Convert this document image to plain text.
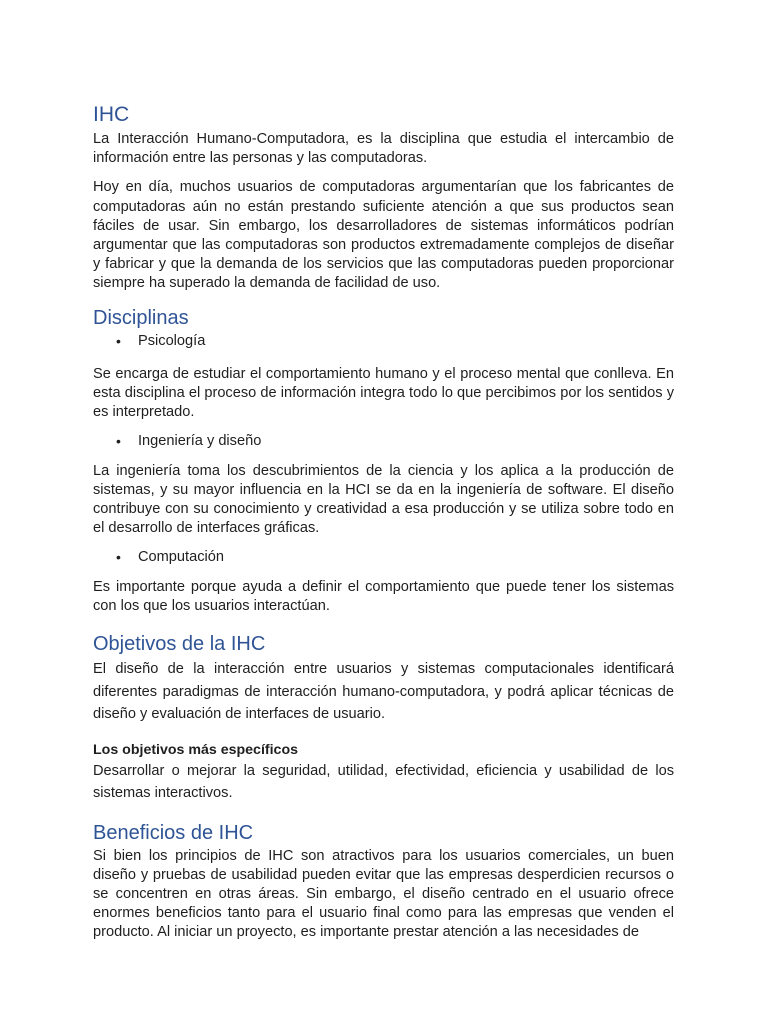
IHC

La Interacción Humano-Computadora, es la disciplina que estudia el intercambio de información entre las personas y las computadoras.

Hoy en día, muchos usuarios de computadoras argumentarían que los fabricantes de computadoras aún no están prestando suficiente atención a que sus productos sean fáciles de usar. Sin embargo, los desarrolladores de sistemas informáticos podrían argumentar que las computadoras son productos extremadamente complejos de diseñar y fabricar y que la demanda de los servicios que las computadoras pueden proporcionar siempre ha superado la demanda de facilidad de uso.

Disciplinas
•	Psicología

Se encarga de estudiar el comportamiento humano y el proceso mental que conlleva. En esta disciplina el proceso de información integra todo lo que percibimos por los sentidos y es interpretado.

•	Ingeniería y diseño

La ingeniería toma los descubrimientos de la ciencia y los aplica a la producción de sistemas, y su mayor influencia en la HCI se da en la ingeniería de software. El diseño contribuye con su conocimiento y creatividad a esa producción y se utiliza sobre todo en el desarrollo de interfaces gráficas.

•	Computación

Es importante porque ayuda a definir el comportamiento que puede tener los sistemas con los que los usuarios interactúan.

Objetivos de la IHC

El diseño de la interacción entre usuarios y sistemas computacionales identificará diferentes paradigmas de interacción humano-computadora, y podrá aplicar técnicas de diseño y evaluación de interfaces de usuario.

Los objetivos más específicos

Desarrollar o mejorar la seguridad, utilidad, efectividad, eficiencia y usabilidad de los sistemas interactivos.

Beneficios de IHC

Si bien los principios de IHC son atractivos para los usuarios comerciales, un buen diseño y pruebas de usabilidad pueden evitar que las empresas desperdicien recursos o se concentren en otras áreas. Sin embargo, el diseño centrado en el usuario ofrece enormes beneficios tanto para el usuario final como para las empresas que venden el producto. Al iniciar un proyecto, es importante prestar atención a las necesidades de
